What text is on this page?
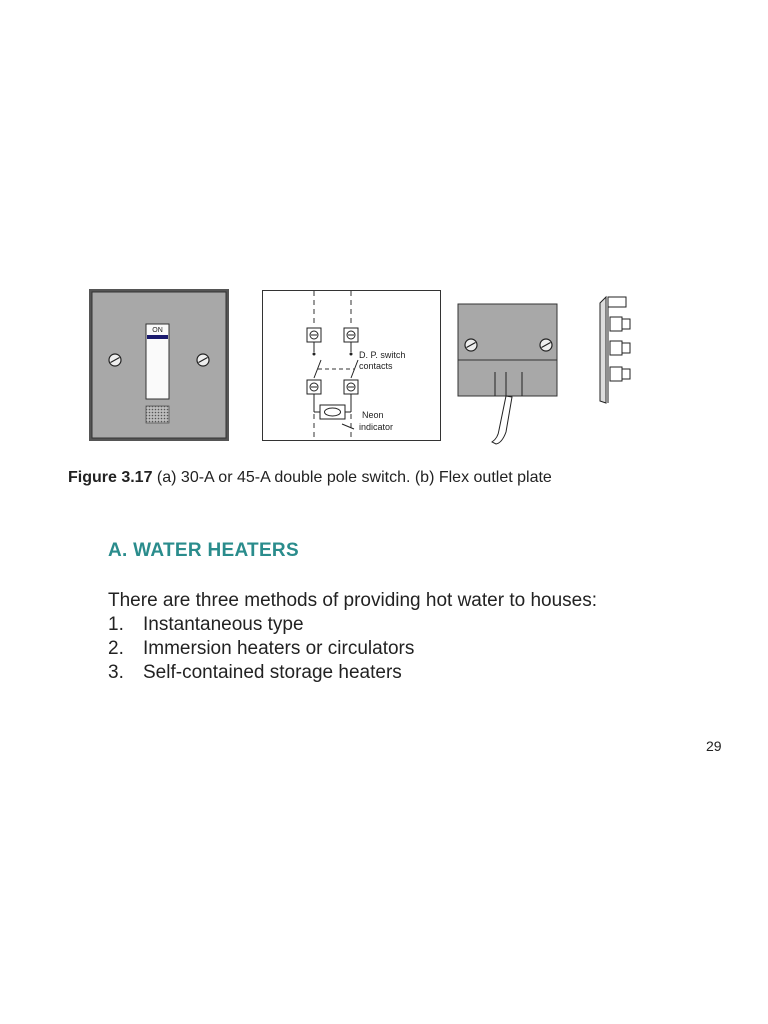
ON
D. P. switch
contacts
Neon
indicator
Figure 3.17 (a) 30-A or 45-A double pole switch. (b) Flex outlet plate
A. WATER HEATERS
There are three methods of providing hot water to houses:
1. Instantaneous type
2. Immersion heaters or circulators
3. Self-contained storage heaters
29
